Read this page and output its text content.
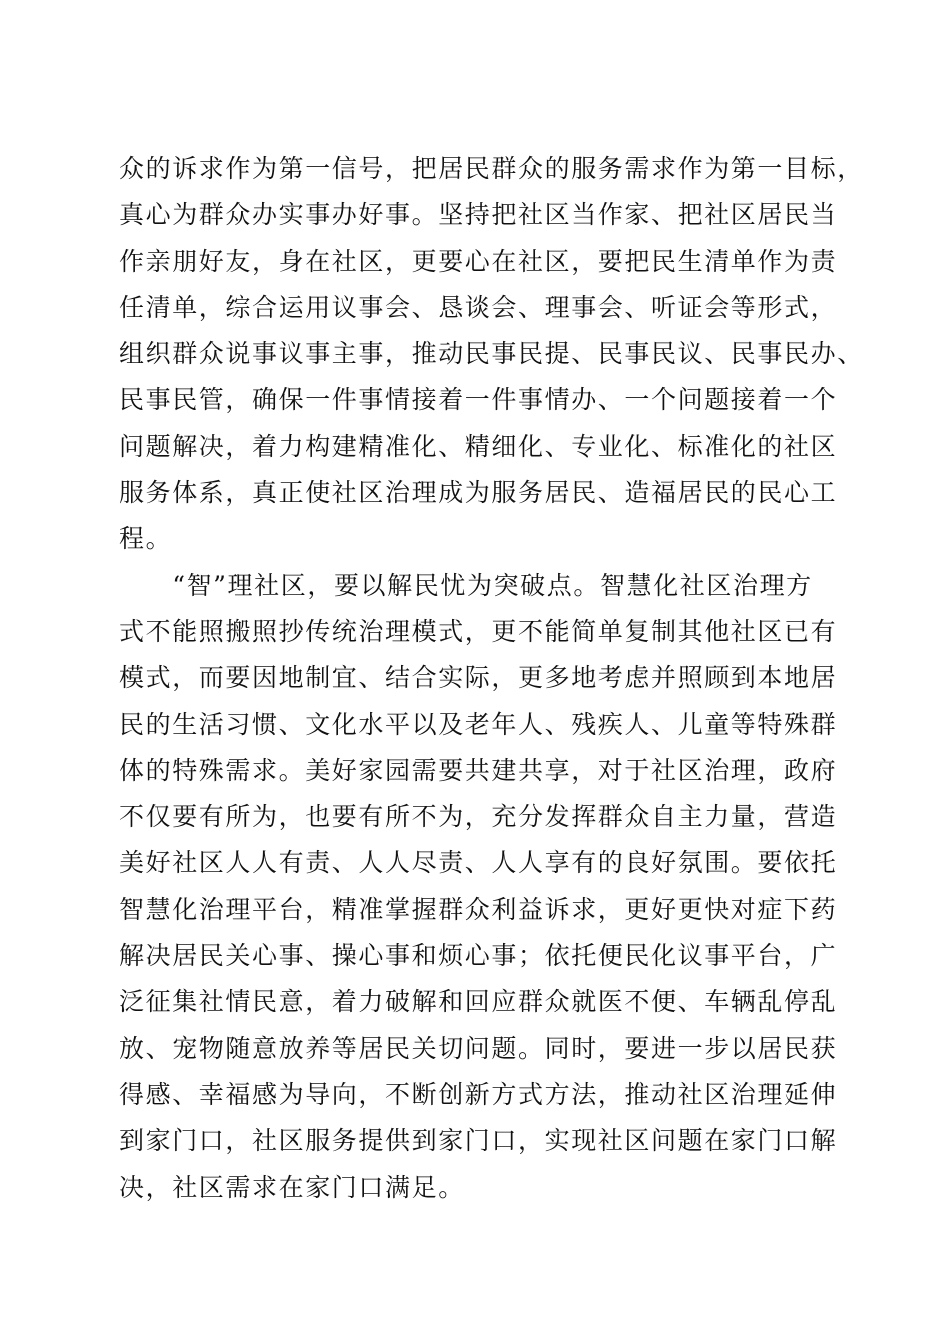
众的诉求作为第一信号，把居民群众的服务需求作为第一目标，
真心为群众办实事办好事。坚持把社区当作家、把社区居民当
作亲朋好友，身在社区，更要心在社区，要把民生清单作为责
任清单，综合运用议事会、恳谈会、理事会、听证会等形式，
组织群众说事议事主事，推动民事民提、民事民议、民事民办、
民事民管，确保一件事情接着一件事情办、一个问题接着一个
问题解决，着力构建精准化、精细化、专业化、标准化的社区
服务体系，真正使社区治理成为服务居民、造福居民的民心工
程。
　　“智”理社区，要以解民忧为突破点。智慧化社区治理方
式不能照搬照抄传统治理模式，更不能简单复制其他社区已有
模式，而要因地制宜、结合实际，更多地考虑并照顾到本地居
民的生活习惯、文化水平以及老年人、残疾人、儿童等特殊群
体的特殊需求。美好家园需要共建共享，对于社区治理，政府
不仅要有所为，也要有所不为，充分发挥群众自主力量，营造
美好社区人人有责、人人尽责、人人享有的良好氛围。要依托
智慧化治理平台，精准掌握群众利益诉求，更好更快对症下药
解决居民关心事、操心事和烦心事；依托便民化议事平台，广
泛征集社情民意，着力破解和回应群众就医不便、车辆乱停乱
放、宠物随意放养等居民关切问题。同时，要进一步以居民获
得感、幸福感为导向，不断创新方式方法，推动社区治理延伸
到家门口，社区服务提供到家门口，实现社区问题在家门口解
决，社区需求在家门口满足。
